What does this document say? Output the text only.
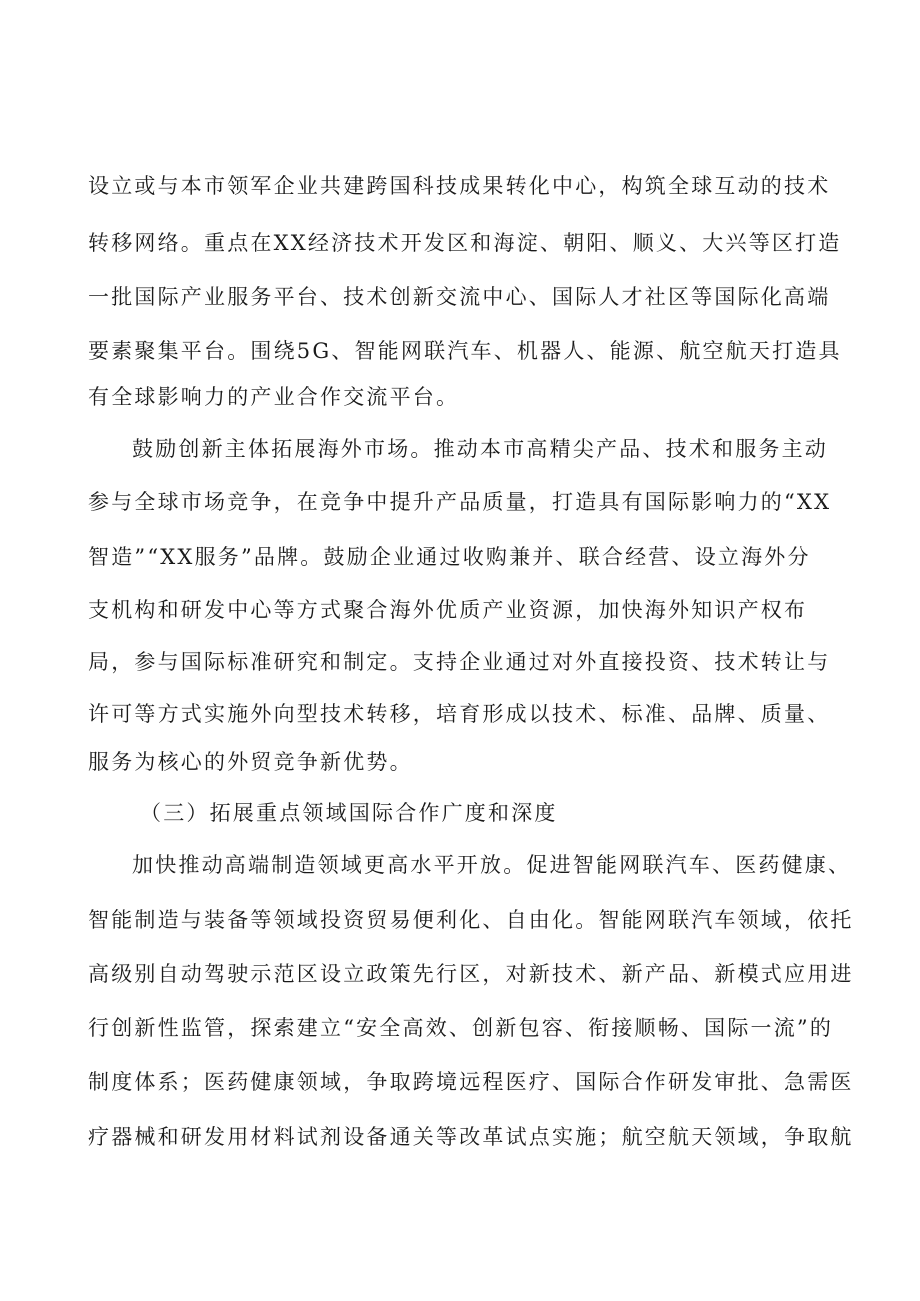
设立或与本市领军企业共建跨国科技成果转化中心，构筑全球互动的技术
转移网络。重点在XX经济技术开发区和海淀、朝阳、顺义、大兴等区打造
一批国际产业服务平台、技术创新交流中心、国际人才社区等国际化高端
要素聚集平台。围绕5G、智能网联汽车、机器人、能源、航空航天打造具
有全球影响力的产业合作交流平台。
鼓励创新主体拓展海外市场。推动本市高精尖产品、技术和服务主动
参与全球市场竞争，在竞争中提升产品质量，打造具有国际影响力的“XX
智造”“XX服务”品牌。鼓励企业通过收购兼并、联合经营、设立海外分
支机构和研发中心等方式聚合海外优质产业资源，加快海外知识产权布
局，参与国际标准研究和制定。支持企业通过对外直接投资、技术转让与
许可等方式实施外向型技术转移，培育形成以技术、标准、品牌、质量、
服务为核心的外贸竞争新优势。
（三）拓展重点领域国际合作广度和深度
加快推动高端制造领域更高水平开放。促进智能网联汽车、医药健康、
智能制造与装备等领域投资贸易便利化、自由化。智能网联汽车领域，依托
高级别自动驾驶示范区设立政策先行区，对新技术、新产品、新模式应用进
行创新性监管，探索建立“安全高效、创新包容、衔接顺畅、国际一流”的
制度体系；医药健康领域，争取跨境远程医疗、国际合作研发审批、急需医
疗器械和研发用材料试剂设备通关等改革试点实施；航空航天领域，争取航
